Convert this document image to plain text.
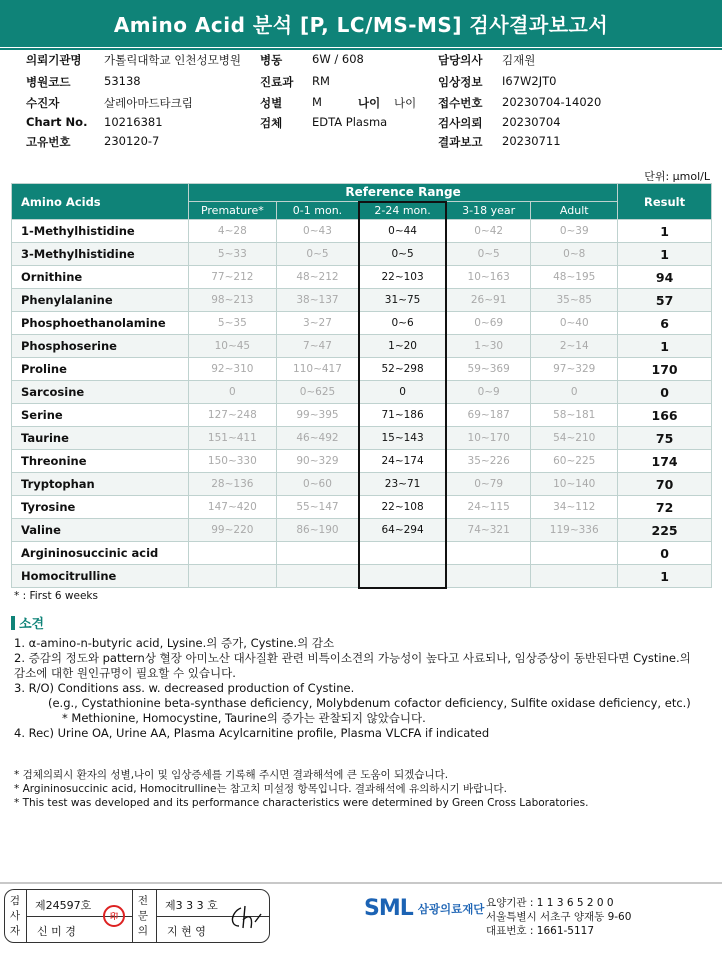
Amino Acid 분석 [P, LC/MS-MS] 검사결과보고서
의뢰기관명 가톨릭대학교 인천성모병원 병동	6W / 608	담당의사 김재원
병원코드	53138	진료과 RM	임상정보 I67W2JT0
수진자	살레아마드타크림	성별	M	나이 나이 접수번호 20230704-14020
Chart No. 10216381	검체	EDTA Plasma	검사의뢰 20230704
고유번호	230120-7	결과보고 20230711
단위: μmol/L
Amino Acids	Reference Range					Result
	Premature*	0-1 mon.	2-24 mon.	3-18 year	Adult	
1-Methylhistidine	4~28	0~43	0~44	0~42	0~39	1
3-Methylhistidine	5~33	0~5	0~5	0~5	0~8	1
Ornithine	77~212	48~212	22~103	10~163	48~195	94
Phenylalanine	98~213	38~137	31~75	26~91	35~85	57
Phosphoethanolamine	5~35	3~27	0~6	0~69	0~40	6
Phosphoserine	10~45	7~47	1~20	1~30	2~14	1
Proline	92~310	110~417	52~298	59~369	97~329	170
Sarcosine	0	0~625	0	0~9	0	0
Serine	127~248	99~395	71~186	69~187	58~181	166
Taurine	151~411	46~492	15~143	10~170	54~210	75
Threonine	150~330	90~329	24~174	35~226	60~225	174
Tryptophan	28~136	0~60	23~71	0~79	10~140	70
Tyrosine	147~420	55~147	22~108	24~115	34~112	72
Valine	99~220	86~190	64~294	74~321	119~336	225
Argininosuccinic acid						0
Homocitrulline						1
* : First 6 weeks
소견
1. α-amino-n-butyric acid, Lysine.의 증가, Cystine.의 감소
2. 증감의 정도와 pattern상 혈장 아미노산 대사질환 관련 비특이소견의 가능성이 높다고 사료되나, 임상증상이 동반된다면 Cystine.의
감소에 대한 원인규명이 필요할 수 있습니다.
3. R/O) Conditions ass. w. decreased production of Cystine.
(e.g., Cystathionine beta-synthase deficiency, Molybdenum cofactor deficiency, Sulfite oxidase deficiency, etc.)
* Methionine, Homocystine, Taurine의 증가는 관찰되지 않았습니다.
4. Rec) Urine OA, Urine AA, Plasma Acylcarnitine profile, Plasma VLCFA if indicated
* 검체의뢰시 환자의 성별,나이 및 임상증세를 기록해 주시면 결과해석에 큰 도움이 되겠습니다.
* Argininosuccinic acid, Homocitrulline는 참고치 미설정 항목입니다. 결과해석에 유의하시기 바랍니다.
* This test was developed and its performance characteristics were determined by Green Cross Laboratories.
검사자
제24597호
신 미 경
印
전문의
제3 3 3 호
지 현 영
SML 삼광의료재단 요양기관 : 1 1 3 6 5 2 0 0
서울특별시 서초구 양재동 9-60
대표번호 : 1661-5117
